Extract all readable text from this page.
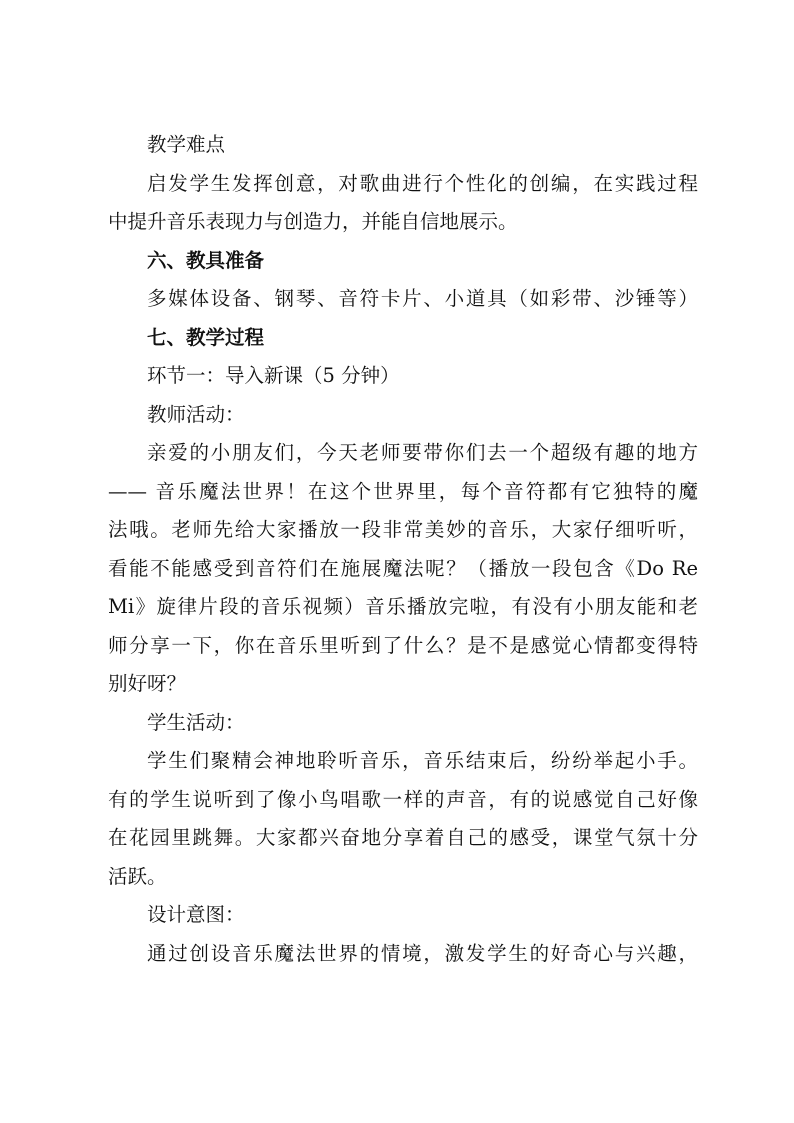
教学难点
启发学生发挥创意，对歌曲进行个性化的创编，在实践过程
中提升音乐表现力与创造力，并能自信地展示。
六、教具准备
多媒体设备、钢琴、音符卡片、小道具（如彩带、沙锤等）
七、教学过程
环节一：导入新课（5 分钟）
教师活动：
亲爱的小朋友们，今天老师要带你们去一个超级有趣的地方
—— 音乐魔法世界！在这个世界里，每个音符都有它独特的魔
法哦。老师先给大家播放一段非常美妙的音乐，大家仔细听听，
看能不能感受到音符们在施展魔法呢？（播放一段包含《Do Re
Mi》旋律片段的音乐视频）音乐播放完啦，有没有小朋友能和老
师分享一下，你在音乐里听到了什么？是不是感觉心情都变得特
别好呀？
学生活动：
学生们聚精会神地聆听音乐，音乐结束后，纷纷举起小手。
有的学生说听到了像小鸟唱歌一样的声音，有的说感觉自己好像
在花园里跳舞。大家都兴奋地分享着自己的感受，课堂气氛十分
活跃。
设计意图：
通过创设音乐魔法世界的情境，激发学生的好奇心与兴趣，
